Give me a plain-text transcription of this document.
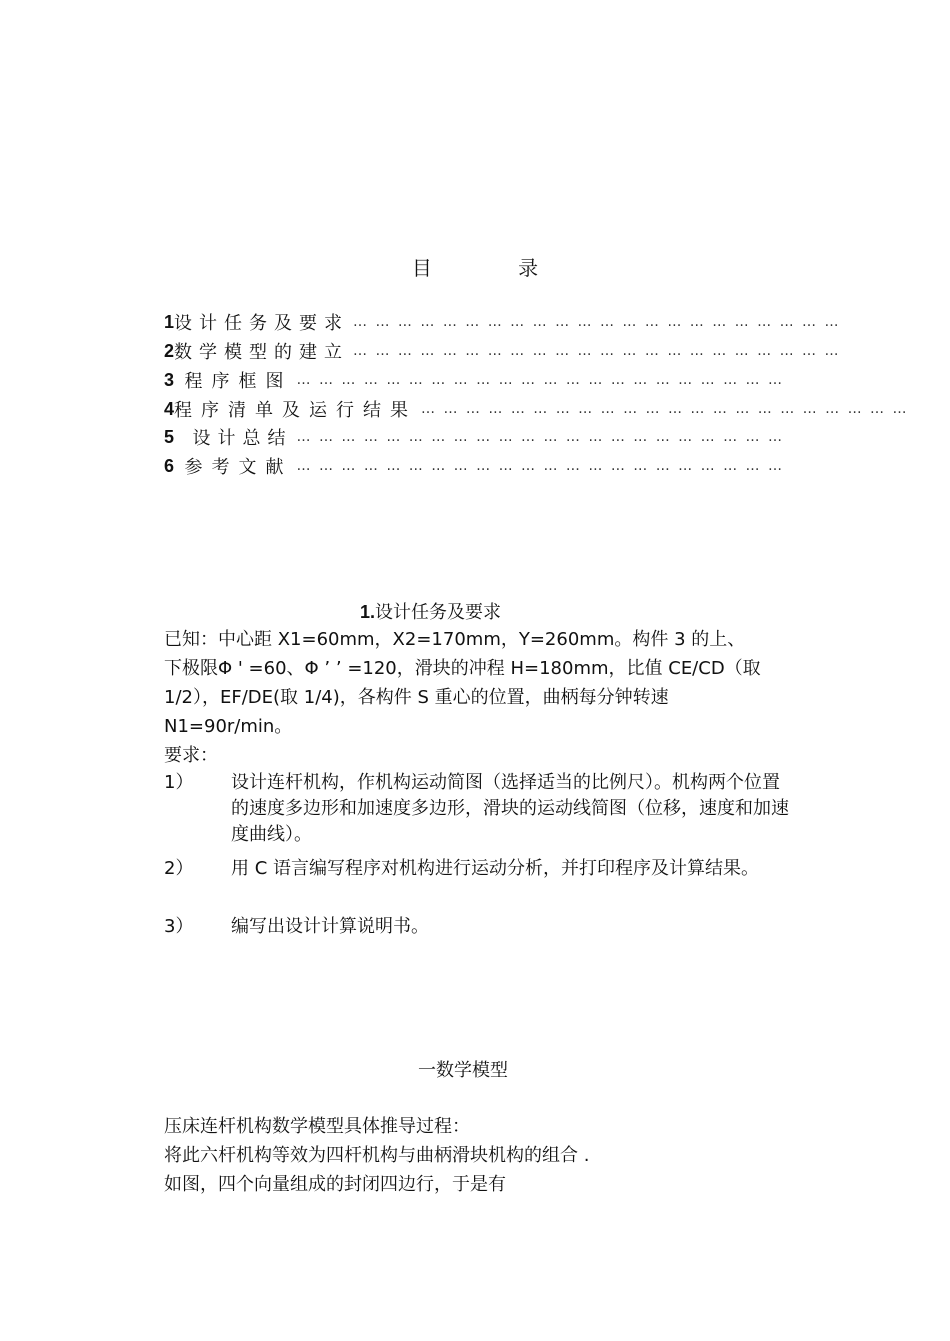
目 录
1 设计任务及要求 … … … … … … … … … … … … … … … … … … … … … …
2 数学模型的建立 … … … … … … … … … … … … … … … … … … … … … …
3 程序框图 … … … … … … … … … … … … … … … … … … … … … …
4 程序清单及运行结果 … … … … … … … … … … … … … … … … … … … … … …
5	设计总结 … … … … … … … … … … … … … … … … … … … … … …
6 参考文献 … … … … … … … … … … … … … … … … … … … … … …
1.设计任务及要求
已知：中心距 X1=60mm，X2=170mm，Y=260mm。构件 3 的上、
下极限Φ ' =60、Φ ’ ’ =120，滑块的冲程 H=180mm，比值 CE/CD（取
1/2），EF/DE(取 1/4)，各构件 S 重心的位置，曲柄每分钟转速
N1=90r/min。
要求：
1） 设计连杆机构，作机构运动简图（选择适当的比例尺）。机构两个位置的速度多边形和加速度多边形，滑块的运动线简图（位移，速度和加速度曲线）。
2） 用 C 语言编写程序对机构进行运动分析，并打印程序及计算结果。
3） 编写出设计计算说明书。
一数学模型
压床连杆机构数学模型具体推导过程：
将此六杆机构等效为四杆机构与曲柄滑块机构的组合 .
如图，四个向量组成的封闭四边行，于是有
